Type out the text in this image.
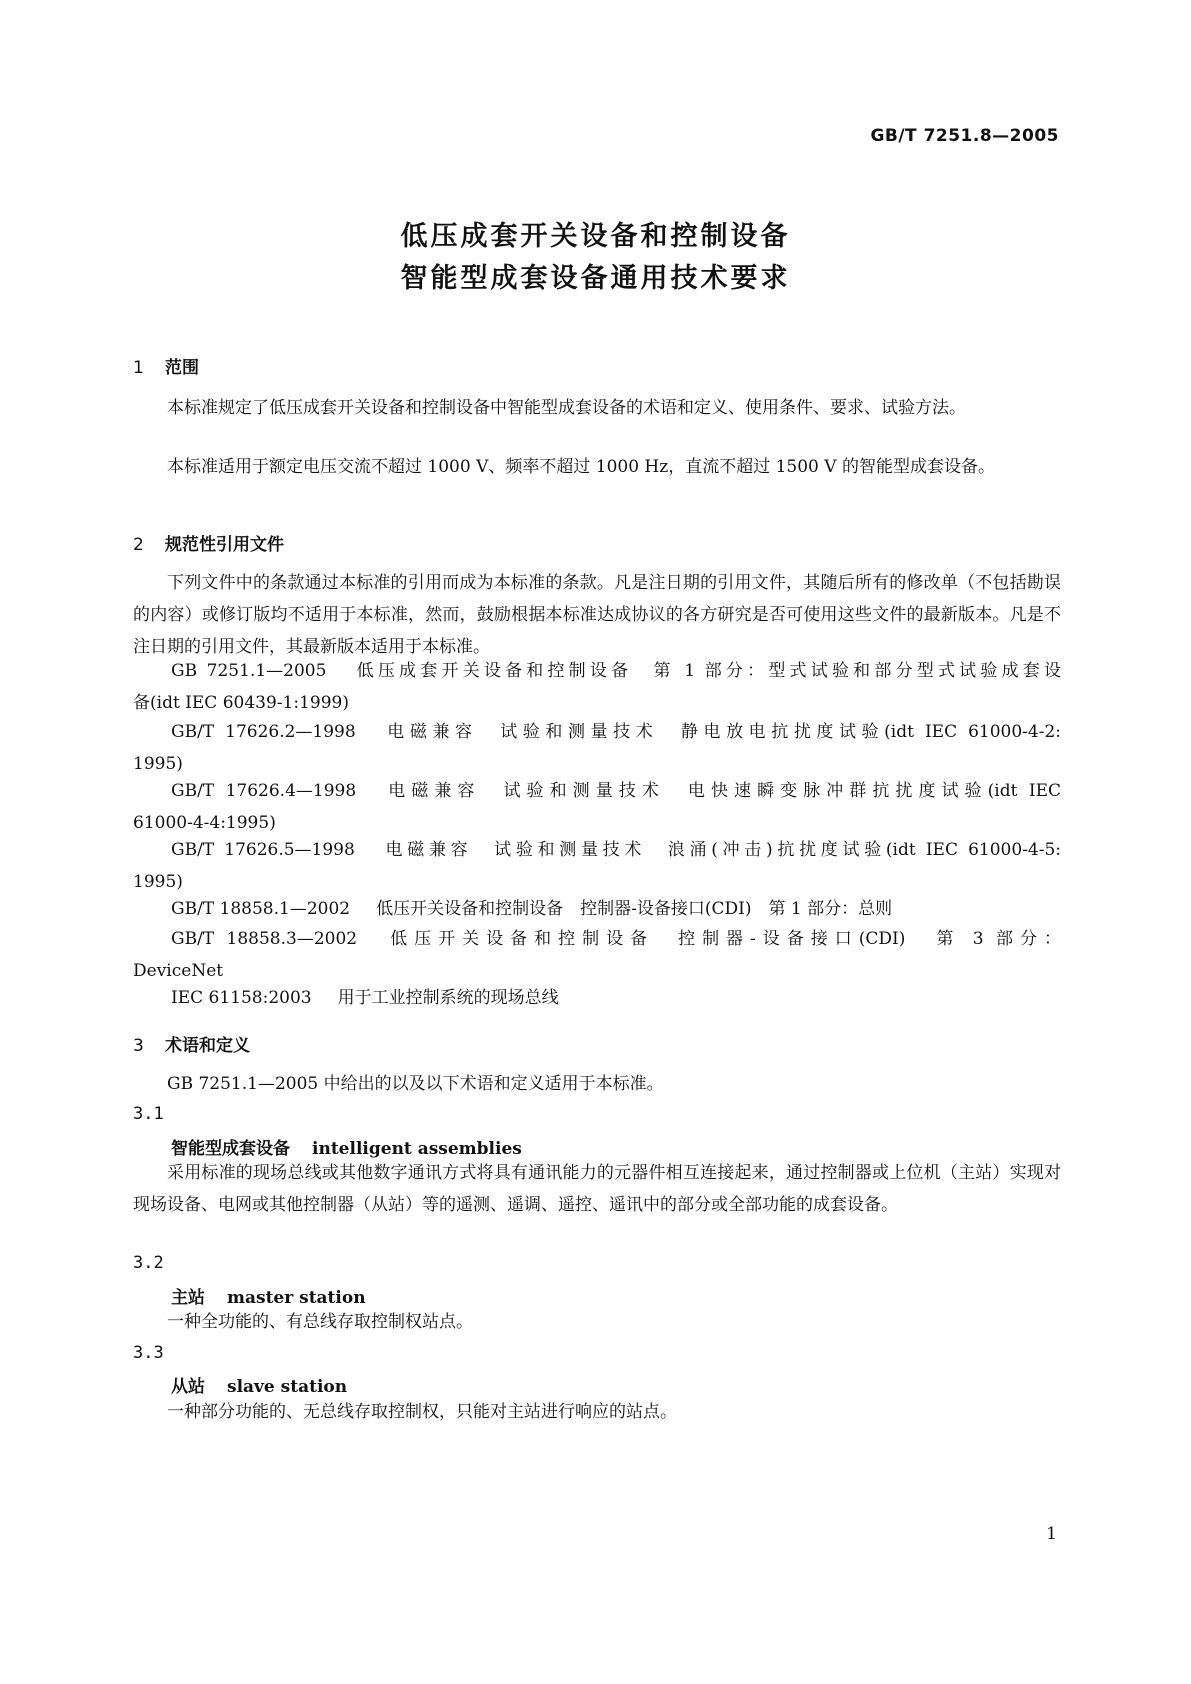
GB/T 7251.8—2005
低压成套开关设备和控制设备
智能型成套设备通用技术要求
1 范围
本标准规定了低压成套开关设备和控制设备中智能型成套设备的术语和定义、使用条件、要求、试验方法。
本标准适用于额定电压交流不超过 1000 V、频率不超过 1000 Hz，直流不超过 1500 V 的智能型成套设备。
2 规范性引用文件
下列文件中的条款通过本标准的引用而成为本标准的条款。凡是注日期的引用文件，其随后所有的修改单（不包括勘误的内容）或修订版均不适用于本标准，然而，鼓励根据本标准达成协议的各方研究是否可使用这些文件的最新版本。凡是不注日期的引用文件，其最新版本适用于本标准。
GB 7251.1—2005 低压成套开关设备和控制设备　第 1 部分：型式试验和部分型式试验成套设
备(idt IEC 60439-1:1999)
GB/T 17626.2—1998 电磁兼容　试验和测量技术　静电放电抗扰度试验(idt IEC 61000-4-2:
1995)
GB/T 17626.4—1998 电磁兼容　试验和测量技术　电快速瞬变脉冲群抗扰度试验(idt IEC
61000-4-4:1995)
GB/T 17626.5—1998 电磁兼容　试验和测量技术　浪涌(冲击)抗扰度试验(idt IEC 61000-4-5:
1995)
GB/T 18858.1—2002 低压开关设备和控制设备　控制器-设备接口(CDI)　第 1 部分：总则
GB/T 18858.3—2002 低压开关设备和控制设备　控制器-设备接口(CDI)　第 3 部分：
DeviceNet
IEC 61158:2003 用于工业控制系统的现场总线
3 术语和定义
GB 7251.1—2005 中给出的以及以下术语和定义适用于本标准。
3.1
智能型成套设备 intelligent assemblies
采用标准的现场总线或其他数字通讯方式将具有通讯能力的元器件相互连接起来，通过控制器或上位机（主站）实现对现场设备、电网或其他控制器（从站）等的遥测、遥调、遥控、遥讯中的部分或全部功能的成套设备。
3.2
主站 master station
一种全功能的、有总线存取控制权站点。
3.3
从站 slave station
一种部分功能的、无总线存取控制权，只能对主站进行响应的站点。
1
